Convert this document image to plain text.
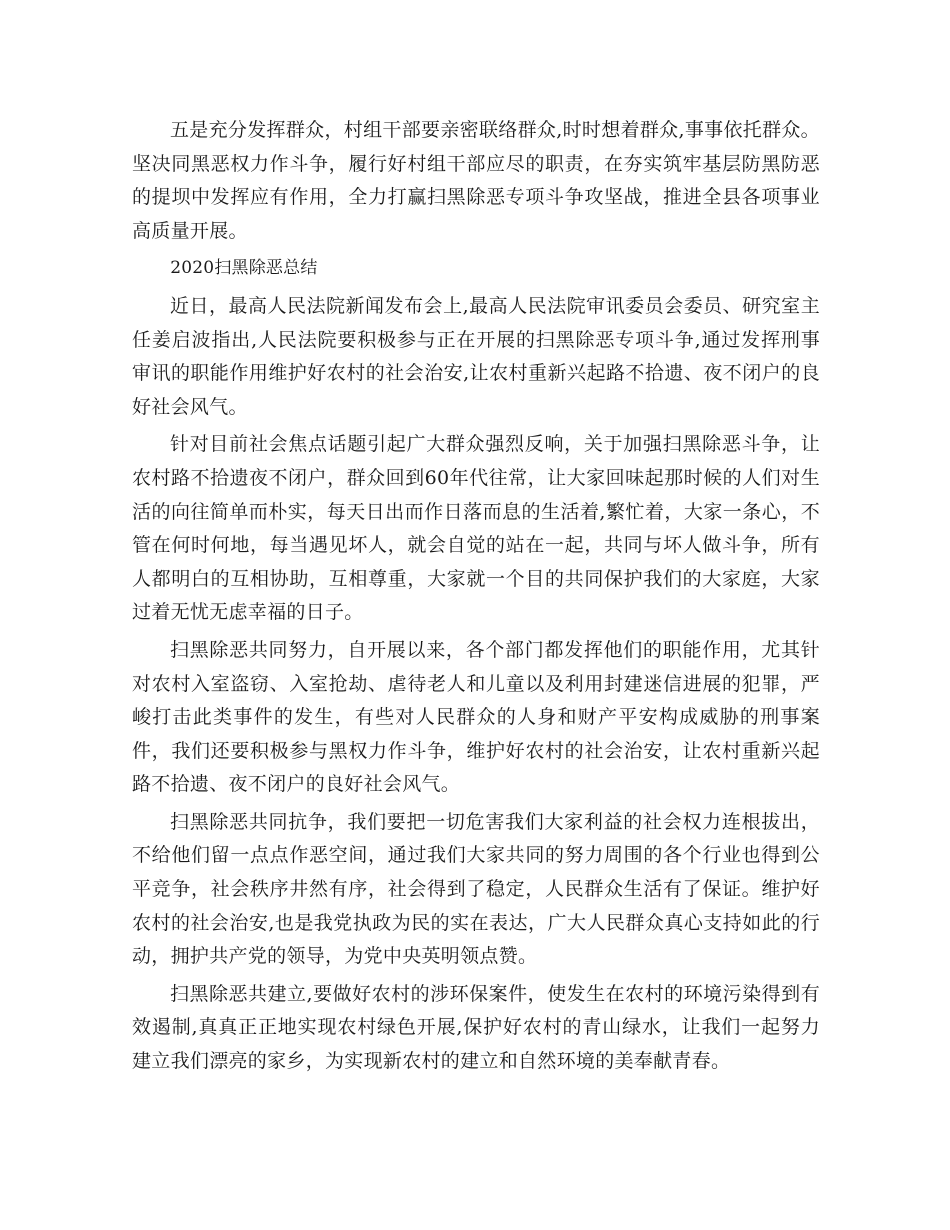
五是充分发挥群众，村组干部要亲密联络群众,时时想着群众,事事依托群众。坚决同黑恶权力作斗争，履行好村组干部应尽的职责，在夯实筑牢基层防黑防恶的提坝中发挥应有作用，全力打赢扫黑除恶专项斗争攻坚战，推进全县各项事业高质量开展。

2020扫黑除恶总结

近日，最高人民法院新闻发布会上,最高人民法院审讯委员会委员、研究室主任姜启波指出,人民法院要积极参与正在开展的扫黑除恶专项斗争,通过发挥刑事审讯的职能作用维护好农村的社会治安,让农村重新兴起路不拾遗、夜不闭户的良好社会风气。

针对目前社会焦点话题引起广大群众强烈反响，关于加强扫黑除恶斗争，让农村路不拾遗夜不闭户，群众回到60年代往常，让大家回味起那时候的人们对生活的向往简单而朴实，每天日出而作日落而息的生活着,繁忙着，大家一条心，不管在何时何地，每当遇见坏人，就会自觉的站在一起，共同与坏人做斗争，所有人都明白的互相协助，互相尊重，大家就一个目的共同保护我们的大家庭，大家过着无忧无虑幸福的日子。

扫黑除恶共同努力，自开展以来，各个部门都发挥他们的职能作用，尤其针对农村入室盗窃、入室抢劫、虐待老人和儿童以及利用封建迷信进展的犯罪，严峻打击此类事件的发生，有些对人民群众的人身和财产平安构成威胁的刑事案件，我们还要积极参与黑权力作斗争，维护好农村的社会治安，让农村重新兴起路不拾遗、夜不闭户的良好社会风气。

扫黑除恶共同抗争，我们要把一切危害我们大家利益的社会权力连根拔出，不给他们留一点点作恶空间，通过我们大家共同的努力周围的各个行业也得到公平竞争，社会秩序井然有序，社会得到了稳定，人民群众生活有了保证。维护好农村的社会治安,也是我党执政为民的实在表达，广大人民群众真心支持如此的行动，拥护共产党的领导，为党中央英明领点赞。

扫黑除恶共建立,要做好农村的涉环保案件，使发生在农村的环境污染得到有效遏制,真真正正地实现农村绿色开展,保护好农村的青山绿水，让我们一起努力建立我们漂亮的家乡，为实现新农村的建立和自然环境的美奉献青春。
